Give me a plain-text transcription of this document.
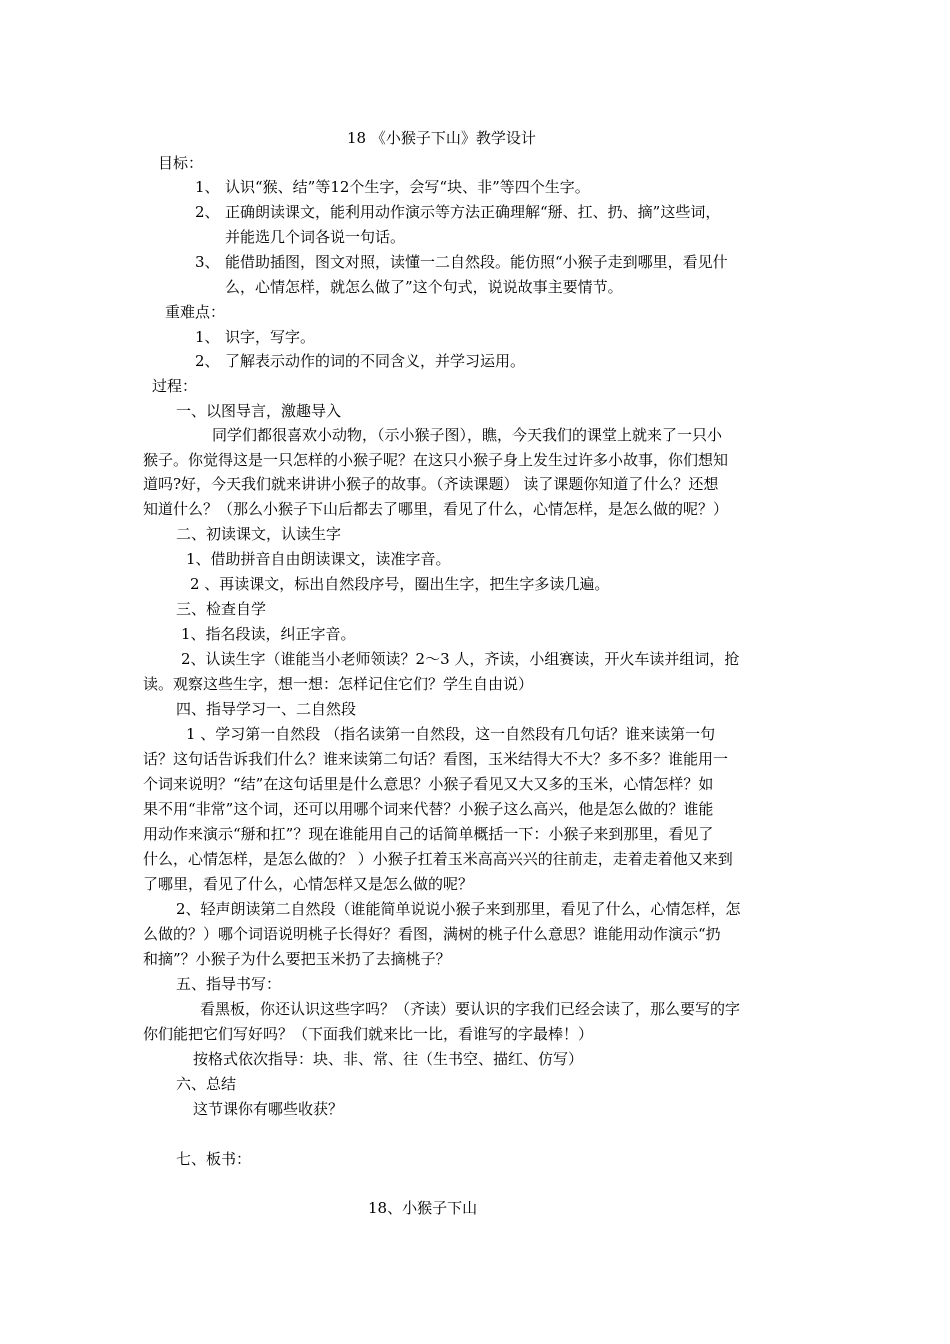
18 《小猴子下山》教学设计
目标：
1、 认识“猴、结”等12个生字，会写“块、非”等四个生字。
2、 正确朗读课文，能利用动作演示等方法正确理解“掰、扛、扔、摘”这些词，
并能选几个词各说一句话。
3、 能借助插图，图文对照，读懂一二自然段。能仿照“小猴子走到哪里，看见什
么，心情怎样，就怎么做了”这个句式，说说故事主要情节。
重难点：
1、 识字，写字。
2、 了解表示动作的词的不同含义，并学习运用。
过程：
一、以图导言，激趣导入
同学们都很喜欢小动物，（示小猴子图），瞧，今天我们的课堂上就来了一只小
猴子。你觉得这是一只怎样的小猴子呢？在这只小猴子身上发生过许多小故事，你们想知
道吗?好，今天我们就来讲讲小猴子的故事。（齐读课题） 读了课题你知道了什么？还想
知道什么？（那么小猴子下山后都去了哪里，看见了什么，心情怎样，是怎么做的呢？）
二、初读课文，认读生字
1、借助拼音自由朗读课文，读准字音。
2 、再读课文，标出自然段序号，圈出生字，把生字多读几遍。
三、检查自学
1、指名段读，纠正字音。
2、认读生字（谁能当小老师领读？2～3 人，齐读，小组赛读，开火车读并组词，抢
读。观察这些生字，想一想：怎样记住它们？学生自由说）
四、指导学习一、二自然段
1 、学习第一自然段 （指名读第一自然段，这一自然段有几句话？谁来读第一句
话？这句话告诉我们什么？谁来读第二句话？看图，玉米结得大不大？多不多？谁能用一
个词来说明？“结”在这句话里是什么意思？小猴子看见又大又多的玉米，心情怎样？如
果不用“非常”这个词，还可以用哪个词来代替？小猴子这么高兴，他是怎么做的？谁能
用动作来演示“掰和扛”？现在谁能用自己的话简单概括一下：小猴子来到那里，看见了
什么，心情怎样，是怎么做的？ ）小猴子扛着玉米高高兴兴的往前走，走着走着他又来到
了哪里，看见了什么，心情怎样又是怎么做的呢？
2、轻声朗读第二自然段（谁能简单说说小猴子来到那里，看见了什么，心情怎样，怎
么做的？）哪个词语说明桃子长得好？看图，满树的桃子什么意思？谁能用动作演示“扔
和摘”？小猴子为什么要把玉米扔了去摘桃子？
五、指导书写：
看黑板，你还认识这些字吗？（齐读）要认识的字我们已经会读了，那么要写的字
你们能把它们写好吗？（下面我们就来比一比，看谁写的字最棒！）
按格式依次指导：块、非、常、往（生书空、描红、仿写）
六、总结
这节课你有哪些收获？
七、板书：
18、小猴子下山
